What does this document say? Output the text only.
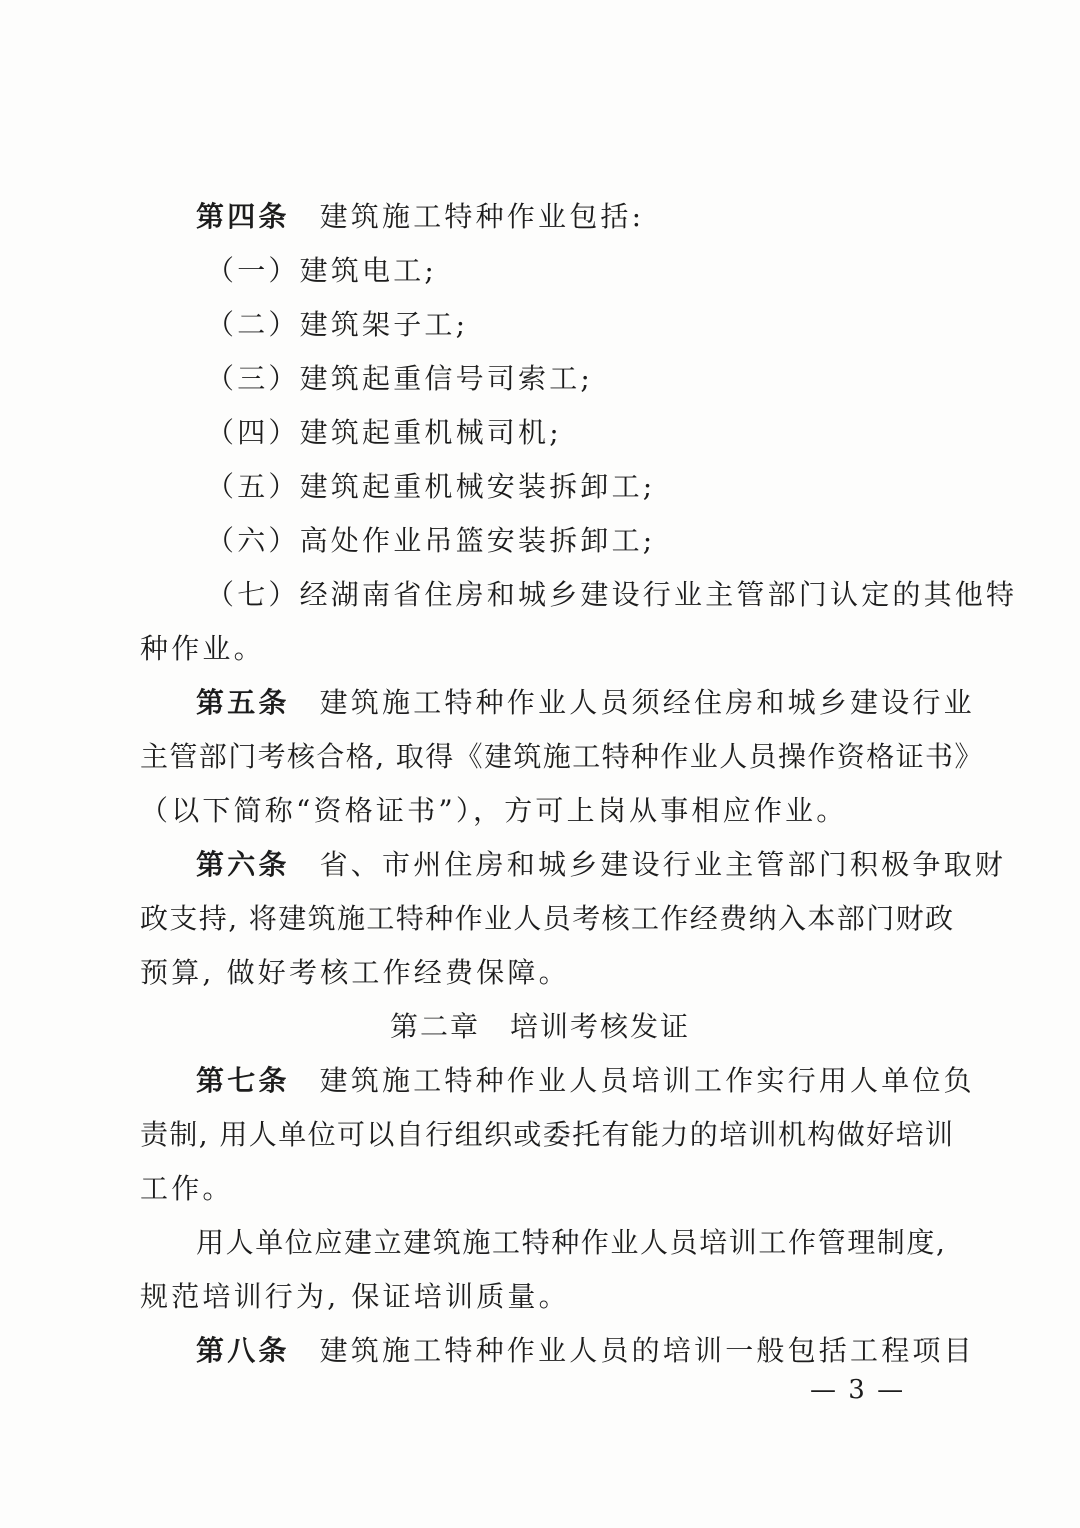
第四条 建筑施工特种作业包括:
（一）建筑电工;
（二）建筑架子工;
（三）建筑起重信号司索工;
（四）建筑起重机械司机;
（五）建筑起重机械安装拆卸工;
（六）高处作业吊篮安装拆卸工;
（七）经湖南省住房和城乡建设行业主管部门认定的其他特
种作业。
第五条 建筑施工特种作业人员须经住房和城乡建设行业
主管部门考核合格, 取得《建筑施工特种作业人员操作资格证书》
（以下简称“资格证书”），方可上岗从事相应作业。
第六条 省、市州住房和城乡建设行业主管部门积极争取财
政支持, 将建筑施工特种作业人员考核工作经费纳入本部门财政
预算, 做好考核工作经费保障。
第二章 培训考核发证
第七条 建筑施工特种作业人员培训工作实行用人单位负
责制, 用人单位可以自行组织或委托有能力的培训机构做好培训
工作。
用人单位应建立建筑施工特种作业人员培训工作管理制度,
规范培训行为, 保证培训质量。
第八条 建筑施工特种作业人员的培训一般包括工程项目
— 3 —
